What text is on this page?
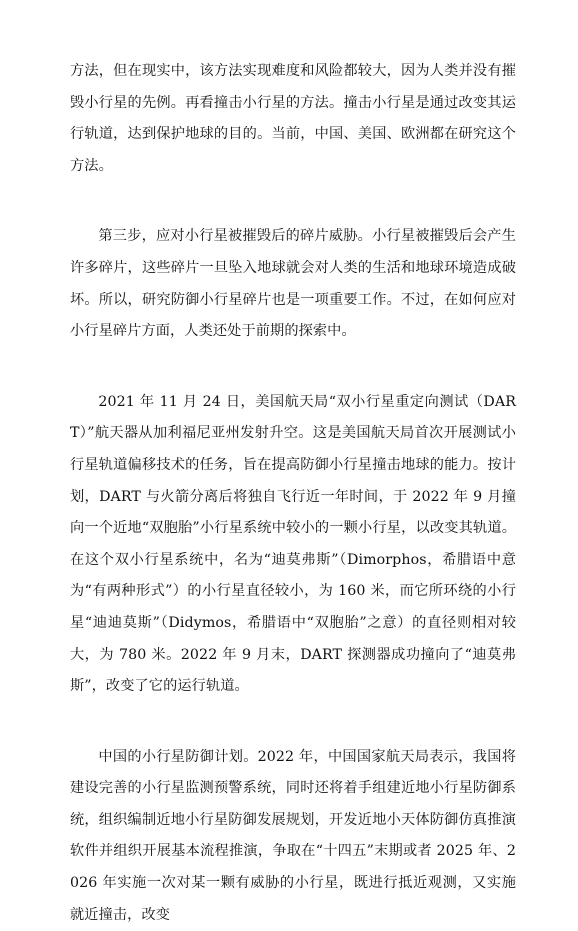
方法，但在现实中，该方法实现难度和风险都较大，因为人类并没有摧毁小行星的先例。再看撞击小行星的方法。撞击小行星是通过改变其运行轨道，达到保护地球的目的。当前，中国、美国、欧洲都在研究这个方法。

第三步，应对小行星被摧毁后的碎片威胁。小行星被摧毁后会产生许多碎片，这些碎片一旦坠入地球就会对人类的生活和地球环境造成破坏。所以，研究防御小行星碎片也是一项重要工作。不过，在如何应对小行星碎片方面，人类还处于前期的探索中。

2021 年 11 月 24 日，美国航天局“双小行星重定向测试（DART）”航天器从加利福尼亚州发射升空。这是美国航天局首次开展测试小行星轨道偏移技术的任务，旨在提高防御小行星撞击地球的能力。按计划，DART 与火箭分离后将独自飞行近一年时间，于 2022 年 9 月撞向一个近地“双胞胎”小行星系统中较小的一颗小行星，以改变其轨道。在这个双小行星系统中，名为“迪莫弗斯”（Dimorphos，希腊语中意为“有两种形式”）的小行星直径较小，为 160 米，而它所环绕的小行星“迪迪莫斯”（Didymos，希腊语中“双胞胎”之意）的直径则相对较大，为 780 米。2022 年 9 月末，DART 探测器成功撞向了“迪莫弗斯”，改变了它的运行轨道。

中国的小行星防御计划。2022 年，中国国家航天局表示，我国将建设完善的小行星监测预警系统，同时还将着手组建近地小行星防御系统，组织编制近地小行星防御发展规划，开发近地小天体防御仿真推演软件并组织开展基本流程推演，争取在“十四五”末期或者 2025 年、2026 年实施一次对某一颗有威胁的小行星，既进行抵近观测，又实施就近撞击，改变
